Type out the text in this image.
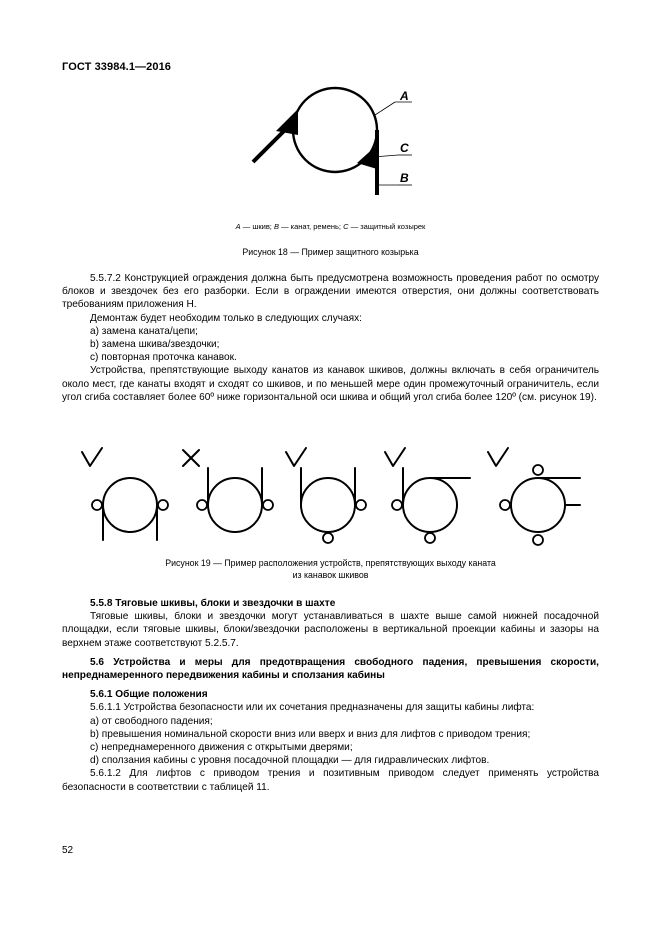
ГОСТ 33984.1—2016
A
C
B
A — шкив; B — канат, ремень; C — защитный козырек
Рисунок 18 — Пример защитного козырька

5.5.7.2 Конструкцией ограждения должна быть предусмотрена возможность проведения работ по осмотру блоков и звездочек без его разборки. Если в ограждении имеются отверстия, они должны соответствовать требованиям приложения Н.

Демонтаж будет необходим только в следующих случаях:

а) замена каната/цепи;

b) замена шкива/звездочки;

c) повторная проточка канавок.

Устройства, препятствующие выходу канатов из канавок шкивов, должны включать в себя ограничитель около мест, где канаты входят и сходят со шкивов, и по меньшей мере один промежуточный ограничитель, если угол сгиба составляет более 60º ниже горизонтальной оси шкива и общий угол сгиба более 120º (см. рисунок 19).

Рисунок 19 — Пример расположения устройств, препятствующих выходу каната
из канавок шкивов

5.5.8 Тяговые шкивы, блоки и звездочки в шахте

Тяговые шкивы, блоки и звездочки могут устанавливаться в шахте выше самой нижней посадочной площадки, если тяговые шкивы, блоки/звездочки расположены в вертикальной проекции кабины и зазоры на верхнем этаже соответствуют 5.2.5.7.

5.6 Устройства и меры для предотвращения свободного падения, превышения скорости, непреднамеренного передвижения кабины и сползания кабины

5.6.1 Общие положения

5.6.1.1 Устройства безопасности или их сочетания предназначены для защиты кабины лифта:

а) от свободного падения;

b) превышения номинальной скорости вниз или вверх и вниз для лифтов с приводом трения;

c) непреднамеренного движения с открытыми дверями;

d) сползания кабины с уровня посадочной площадки — для гидравлических лифтов.

5.6.1.2 Для лифтов с приводом трения и позитивным приводом следует применять устройства безопасности в соответствии с таблицей 11.

52
